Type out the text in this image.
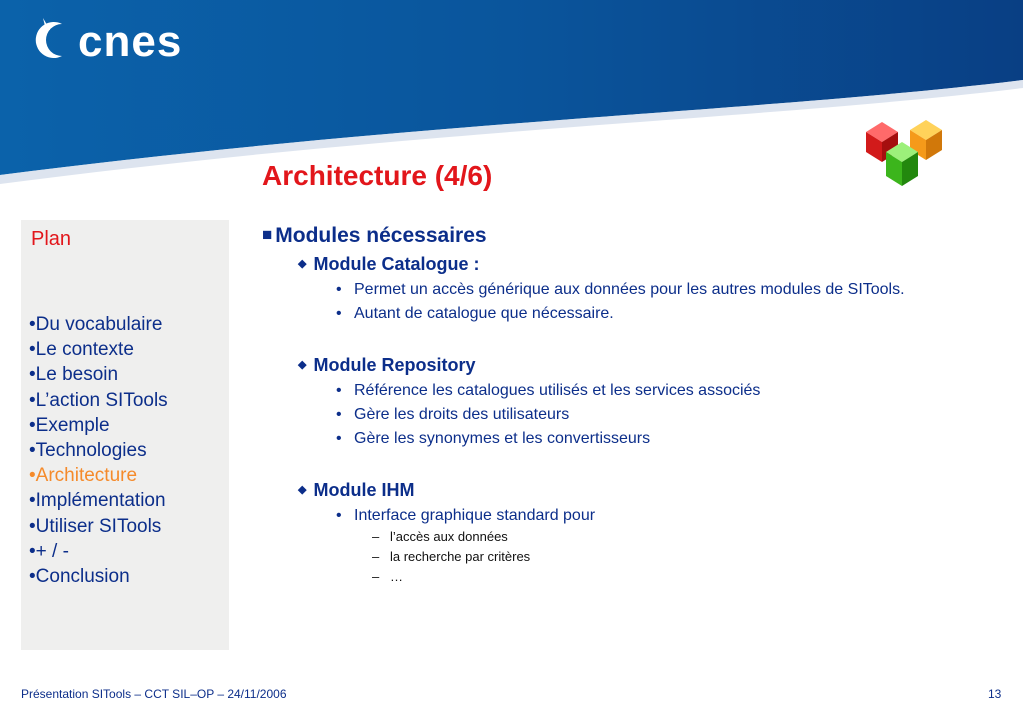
cnes
Architecture (4/6)
Plan
•Du vocabulaire
•Le contexte
•Le besoin
•L’action SITools
•Exemple
•Technologies
•Architecture
•Implémentation
•Utiliser SITools
•+ / -
•Conclusion
■ Modules nécessaires
◆ Module Catalogue :
• Permet un accès générique aux données pour les autres modules de SITools.
• Autant de catalogue que nécessaire.
◆ Module Repository
• Référence les catalogues utilisés et les services associés
• Gère les droits des utilisateurs
• Gère les synonymes et les convertisseurs
◆ Module IHM
• Interface graphique standard pour
– l’accès aux données
– la recherche par critères
– …
Présentation SITools – CCT SIL–OP – 24/11/2006	13
